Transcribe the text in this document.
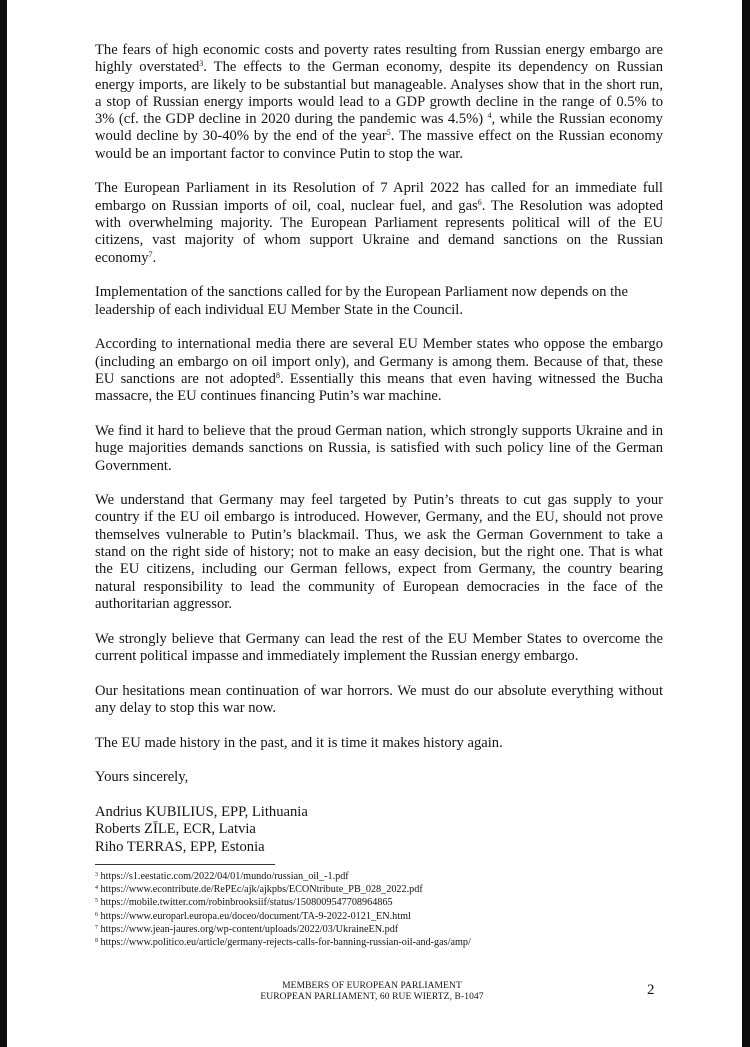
The fears of high economic costs and poverty rates resulting from Russian energy embargo are highly overstated$^3$. The effects to the German economy, despite its dependency on Russian energy imports, are likely to be substantial but manageable. Analyses show that in the short run, a stop of Russian energy imports would lead to a GDP growth decline in the range of 0.5% to 3% (cf. the GDP decline in 2020 during the pandemic was 4.5%) $^4$, while the Russian economy would decline by 30-40% by the end of the year$^5$. The massive effect on the Russian economy would be an important factor to convince Putin to stop the war.

The European Parliament in its Resolution of 7 April 2022 has called for an immediate full embargo on Russian imports of oil, coal, nuclear fuel, and gas$^6$. The Resolution was adopted with overwhelming majority. The European Parliament represents political will of the EU citizens, vast majority of whom support Ukraine and demand sanctions on the Russian economy$^7$.

Implementation of the sanctions called for by the European Parliament now depends on the leadership of each individual EU Member State in the Council.

According to international media there are several EU Member states who oppose the embargo (including an embargo on oil import only), and Germany is among them. Because of that, these EU sanctions are not adopted$^8$. Essentially this means that even having witnessed the Bucha massacre, the EU continues financing Putin’s war machine.

We find it hard to believe that the proud German nation, which strongly supports Ukraine and in huge majorities demands sanctions on Russia, is satisfied with such policy line of the German Government.

We understand that Germany may feel targeted by Putin’s threats to cut gas supply to your country if the EU oil embargo is introduced. However, Germany, and the EU, should not prove themselves vulnerable to Putin’s blackmail. Thus, we ask the German Government to take a stand on the right side of history; not to make an easy decision, but the right one. That is what the EU citizens, including our German fellows, expect from Germany, the country bearing natural responsibility to lead the community of European democracies in the face of the authoritarian aggressor.

We strongly believe that Germany can lead the rest of the EU Member States to overcome the current political impasse and immediately implement the Russian energy embargo.

Our hesitations mean continuation of war horrors. We must do our absolute everything without any delay to stop this war now.

The EU made history in the past, and it is time it makes history again.

Yours sincerely,

Andrius KUBILIUS, EPP, Lithuania
Roberts ZĪLE, ECR, Latvia
Riho TERRAS, EPP, Estonia
$^3$ https://s1.eestatic.com/2022/04/01/mundo/russian_oil_-1.pdf
$^4$ https://www.econtribute.de/RePEc/ajk/ajkpbs/ECONtribute_PB_028_2022.pdf
$^5$ https://mobile.twitter.com/robinbrooksiif/status/1508009547708964865
$^6$ https://www.europarl.europa.eu/doceo/document/TA-9-2022-0121_EN.html
$^7$ https://www.jean-jaures.org/wp-content/uploads/2022/03/UkraineEN.pdf
$^8$ https://www.politico.eu/article/germany-rejects-calls-for-banning-russian-oil-and-gas/amp/
MEMBERS OF EUROPEAN PARLIAMENT
EUROPEAN PARLIAMENT, 60 RUE WIERTZ, B-1047	2
